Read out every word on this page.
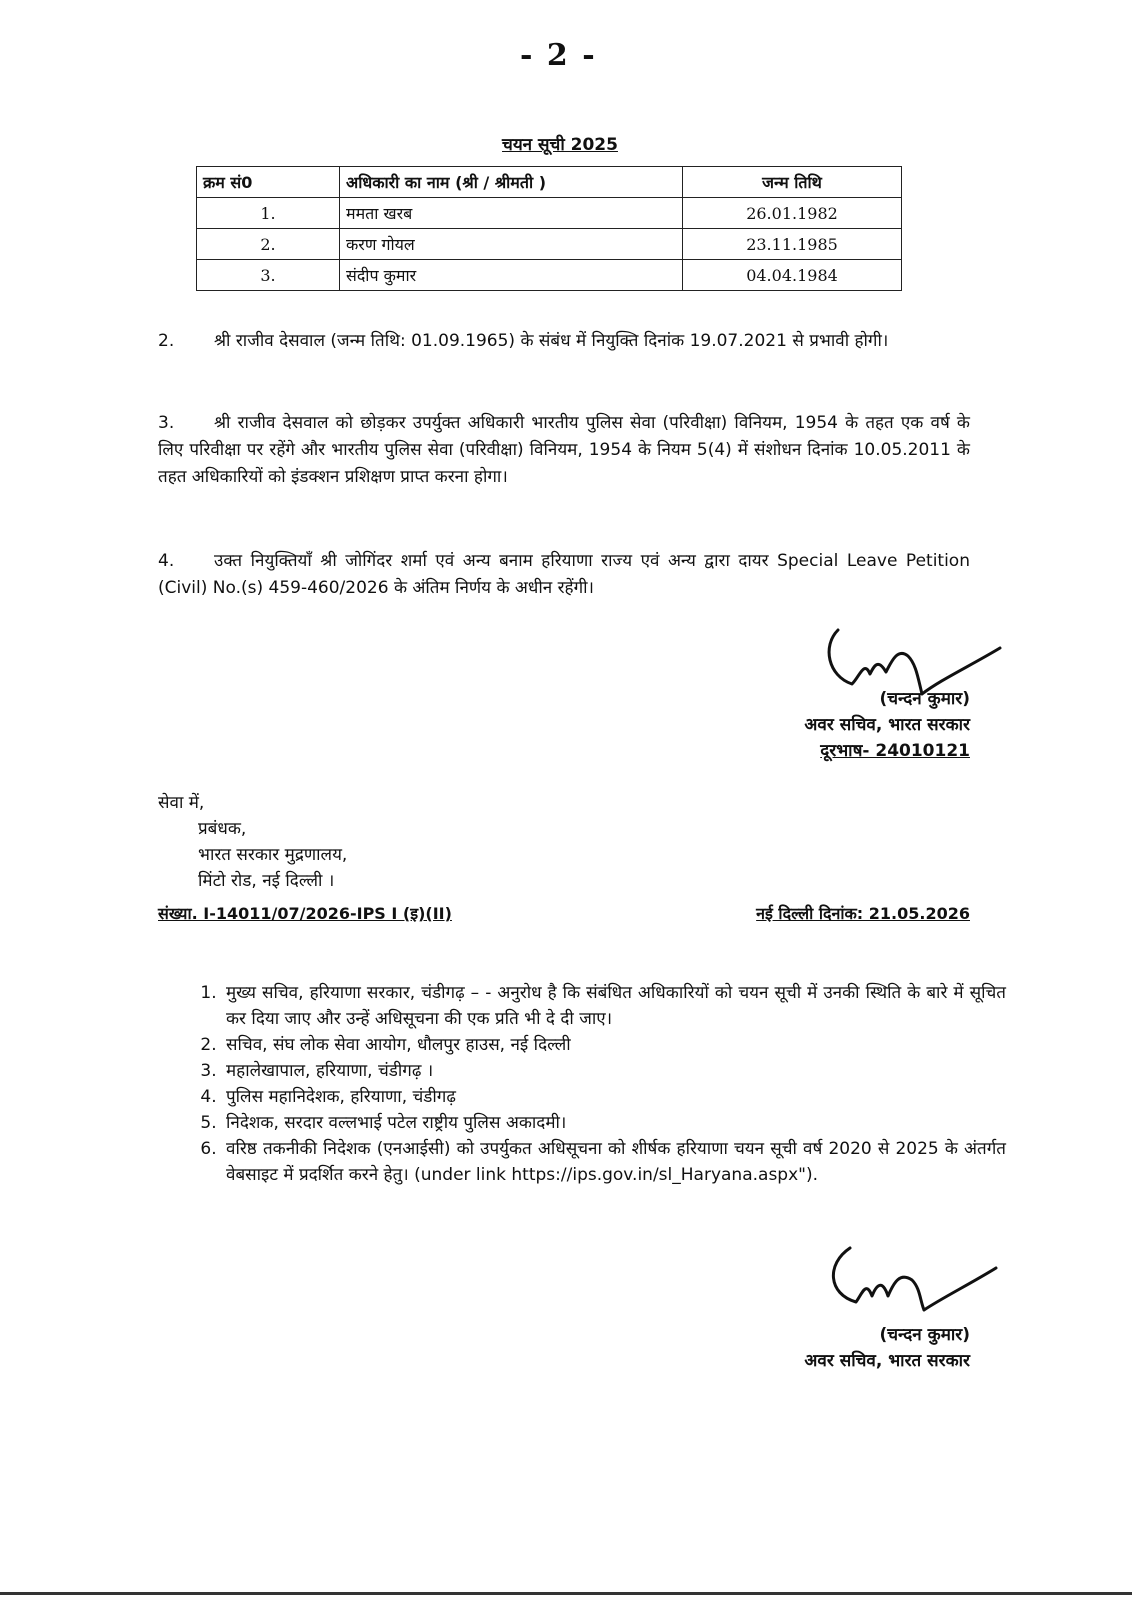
- 2 -
चयन सूची 2025
क्रम सं0	अधिकारी का नाम (श्री / श्रीमती )	जन्म तिथि
1.	ममता खरब	26.01.1982
2.	करण गोयल	23.11.1985
3.	संदीप कुमार	04.04.1984
2. श्री राजीव देसवाल (जन्म तिथि: 01.09.1965) के संबंध में नियुक्ति दिनांक 19.07.2021 से प्रभावी होगी।
3. श्री राजीव देसवाल को छोड़कर उपर्युक्त अधिकारी भारतीय पुलिस सेवा (परिवीक्षा) विनियम, 1954 के तहत एक वर्ष के लिए परिवीक्षा पर रहेंगे और भारतीय पुलिस सेवा (परिवीक्षा) विनियम, 1954 के नियम 5(4) में संशोधन दिनांक 10.05.2011 के तहत अधिकारियों को इंडक्शन प्रशिक्षण प्राप्त करना होगा।
4. उक्त नियुक्तियाँ श्री जोगिंदर शर्मा एवं अन्य बनाम हरियाणा राज्य एवं अन्य द्वारा दायर Special Leave Petition (Civil) No.(s) 459-460/2026 के अंतिम निर्णय के अधीन रहेंगी।
(चन्दन कुमार)
अवर सचिव, भारत सरकार
दूरभाष- 24010121
सेवा में,
प्रबंधक,
भारत सरकार मुद्रणालय,
मिंटो रोड, नई दिल्ली ।
संख्या. I-14011/07/2026-IPS I (इ)(II)	नई दिल्ली दिनांक: 21.05.2026
1. मुख्य सचिव, हरियाणा सरकार, चंडीगढ़ – - अनुरोध है कि संबंधित अधिकारियों को चयन सूची में उनकी स्थिति के बारे में सूचित कर दिया जाए और उन्हें अधिसूचना की एक प्रति भी दे दी जाए।
2. सचिव, संघ लोक सेवा आयोग, धौलपुर हाउस, नई दिल्ली
3. महालेखापाल, हरियाणा, चंडीगढ़ ।
4. पुलिस महानिदेशक, हरियाणा, चंडीगढ़
5. निदेशक, सरदार वल्लभाई पटेल राष्ट्रीय पुलिस अकादमी।
6. वरिष्ठ तकनीकी निदेशक (एनआईसी) को उपर्युकत अधिसूचना को शीर्षक हरियाणा चयन सूची वर्ष 2020 से 2025 के अंतर्गत वेबसाइट में प्रदर्शित करने हेतु। (under link https://ips.gov.in/sl_Haryana.aspx").
(चन्दन कुमार)
अवर सचिव, भारत सरकार
